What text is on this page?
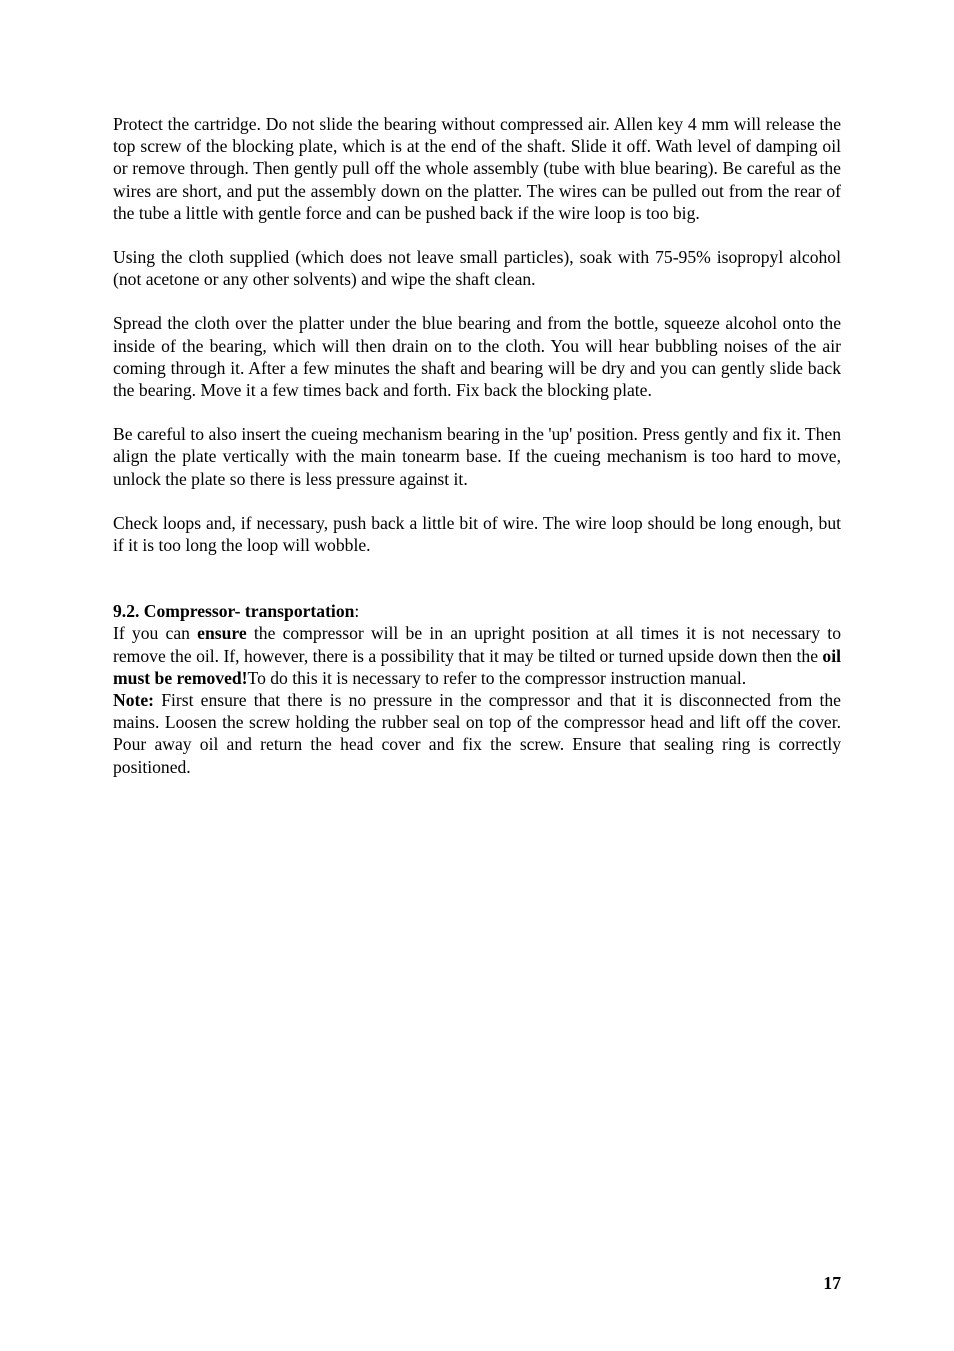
Protect the cartridge. Do not slide the bearing without compressed air. Allen key 4 mm will release the top screw of the blocking plate, which is at the end of the shaft. Slide it off. Wath level of damping oil or remove through. Then gently pull off the whole assembly (tube with blue bearing). Be careful as the wires are short, and put the assembly down on the platter. The wires can be pulled out from the rear of the tube a little with gentle force and can be pushed back if the wire loop is too big.

Using the cloth supplied (which does not leave small particles), soak with 75-95% isopropyl alcohol (not acetone or any other solvents) and wipe the shaft clean.

Spread the cloth over the platter under the blue bearing and from the bottle, squeeze alcohol onto the inside of the bearing, which will then drain on to the cloth. You will hear bubbling noises of the air coming through it. After a few minutes the shaft and bearing will be dry and you can gently slide back the bearing. Move it a few times back and forth. Fix back the blocking plate.

Be careful to also insert the cueing mechanism bearing in the 'up' position. Press gently and fix it. Then align the plate vertically with the main tonearm base. If the cueing mechanism is too hard to move, unlock the plate so there is less pressure against it.

Check loops and, if necessary, push back a little bit of wire. The wire loop should be long enough, but if it is too long the loop will wobble.

9.2. Compressor- transportation:

If you can ensure the compressor will be in an upright position at all times it is not necessary to remove the oil. If, however, there is a possibility that it may be tilted or turned upside down then the oil must be removed!To do this it is necessary to refer to the compressor instruction manual.

Note: First ensure that there is no pressure in the compressor and that it is disconnected from the mains. Loosen the screw holding the rubber seal on top of the compressor head and lift off the cover. Pour away oil and return the head cover and fix the screw. Ensure that sealing ring is correctly positioned.

17
